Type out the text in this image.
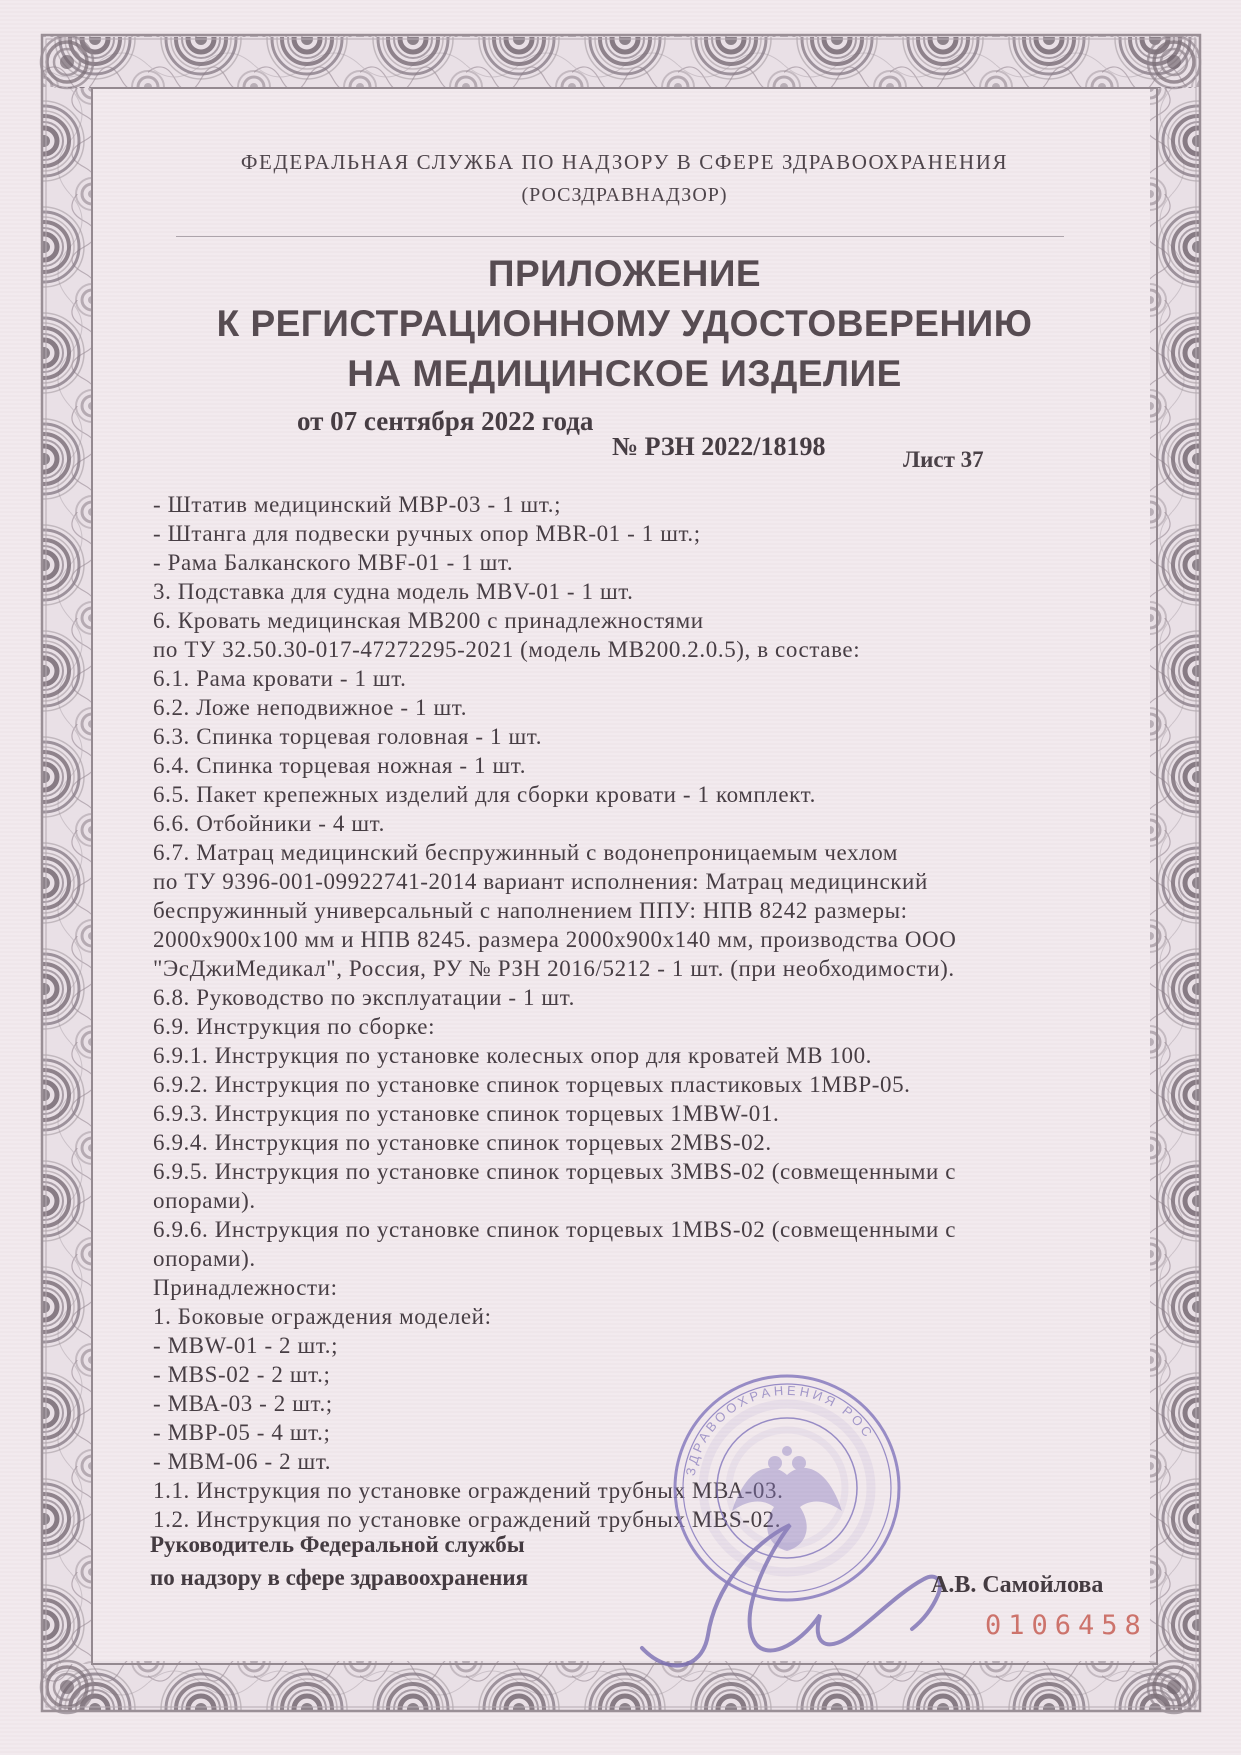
ФЕДЕРАЛЬНАЯ СЛУЖБА ПО НАДЗОРУ В СФЕРЕ ЗДРАВООХРАНЕНИЯ
(РОСЗДРАВНАДЗОР)
ПРИЛОЖЕНИЕ
К РЕГИСТРАЦИОННОМУ УДОСТОВЕРЕНИЮ
НА МЕДИЦИНСКОЕ ИЗДЕЛИЕ
от 07 сентября 2022 года
№ РЗН 2022/18198	Лист 37
- Штатив медицинский МВР-03 - 1 шт.;
- Штанга для подвески ручных опор MBR-01 - 1 шт.;
- Рама Балканского MBF-01 - 1 шт.
3. Подставка для судна модель MBV-01 - 1 шт.
6. Кровать медицинская МВ200 с принадлежностями
по ТУ 32.50.30-017-47272295-2021 (модель МВ200.2.0.5), в составе:
6.1. Рама кровати - 1 шт.
6.2. Ложе неподвижное - 1 шт.
6.3. Спинка торцевая головная - 1 шт.
6.4. Спинка торцевая ножная - 1 шт.
6.5. Пакет крепежных изделий для сборки кровати - 1 комплект.
6.6. Отбойники - 4 шт.
6.7. Матрац медицинский беспружинный с водонепроницаемым чехлом
по ТУ 9396-001-09922741-2014 вариант исполнения: Матрац медицинский
беспружинный универсальный с наполнением ППУ: НПВ 8242 размеры:
2000х900х100 мм и НПВ 8245. размера 2000х900х140 мм, производства ООО
"ЭсДжиМедикал", Россия, РУ № РЗН 2016/5212 - 1 шт. (при необходимости).
6.8. Руководство по эксплуатации - 1 шт.
6.9. Инструкция по сборке:
6.9.1. Инструкция по установке колесных опор для кроватей МВ 100.
6.9.2. Инструкция по установке спинок торцевых пластиковых 1МВР-05.
6.9.3. Инструкция по установке спинок торцевых 1MBW-01.
6.9.4. Инструкция по установке спинок торцевых 2MBS-02.
6.9.5. Инструкция по установке спинок торцевых 3MBS-02 (совмещенными с
опорами).
6.9.6. Инструкция по установке спинок торцевых 1MBS-02 (совмещенными с
опорами).
Принадлежности:
1. Боковые ограждения моделей:
- MBW-01 - 2 шт.;
- MBS-02 - 2 шт.;
- МВА-03 - 2 шт.;
- МВР-05 - 4 шт.;
- МВМ-06 - 2 шт.
1.1. Инструкция по установке ограждений трубных МВА-03.
1.2. Инструкция по установке ограждений трубных MBS-02.
ЗДРАВООХРАНЕНИЯ РОС
Руководитель Федеральной службы
по надзору в сфере здравоохранения	А.В. Самойлова
0106458
